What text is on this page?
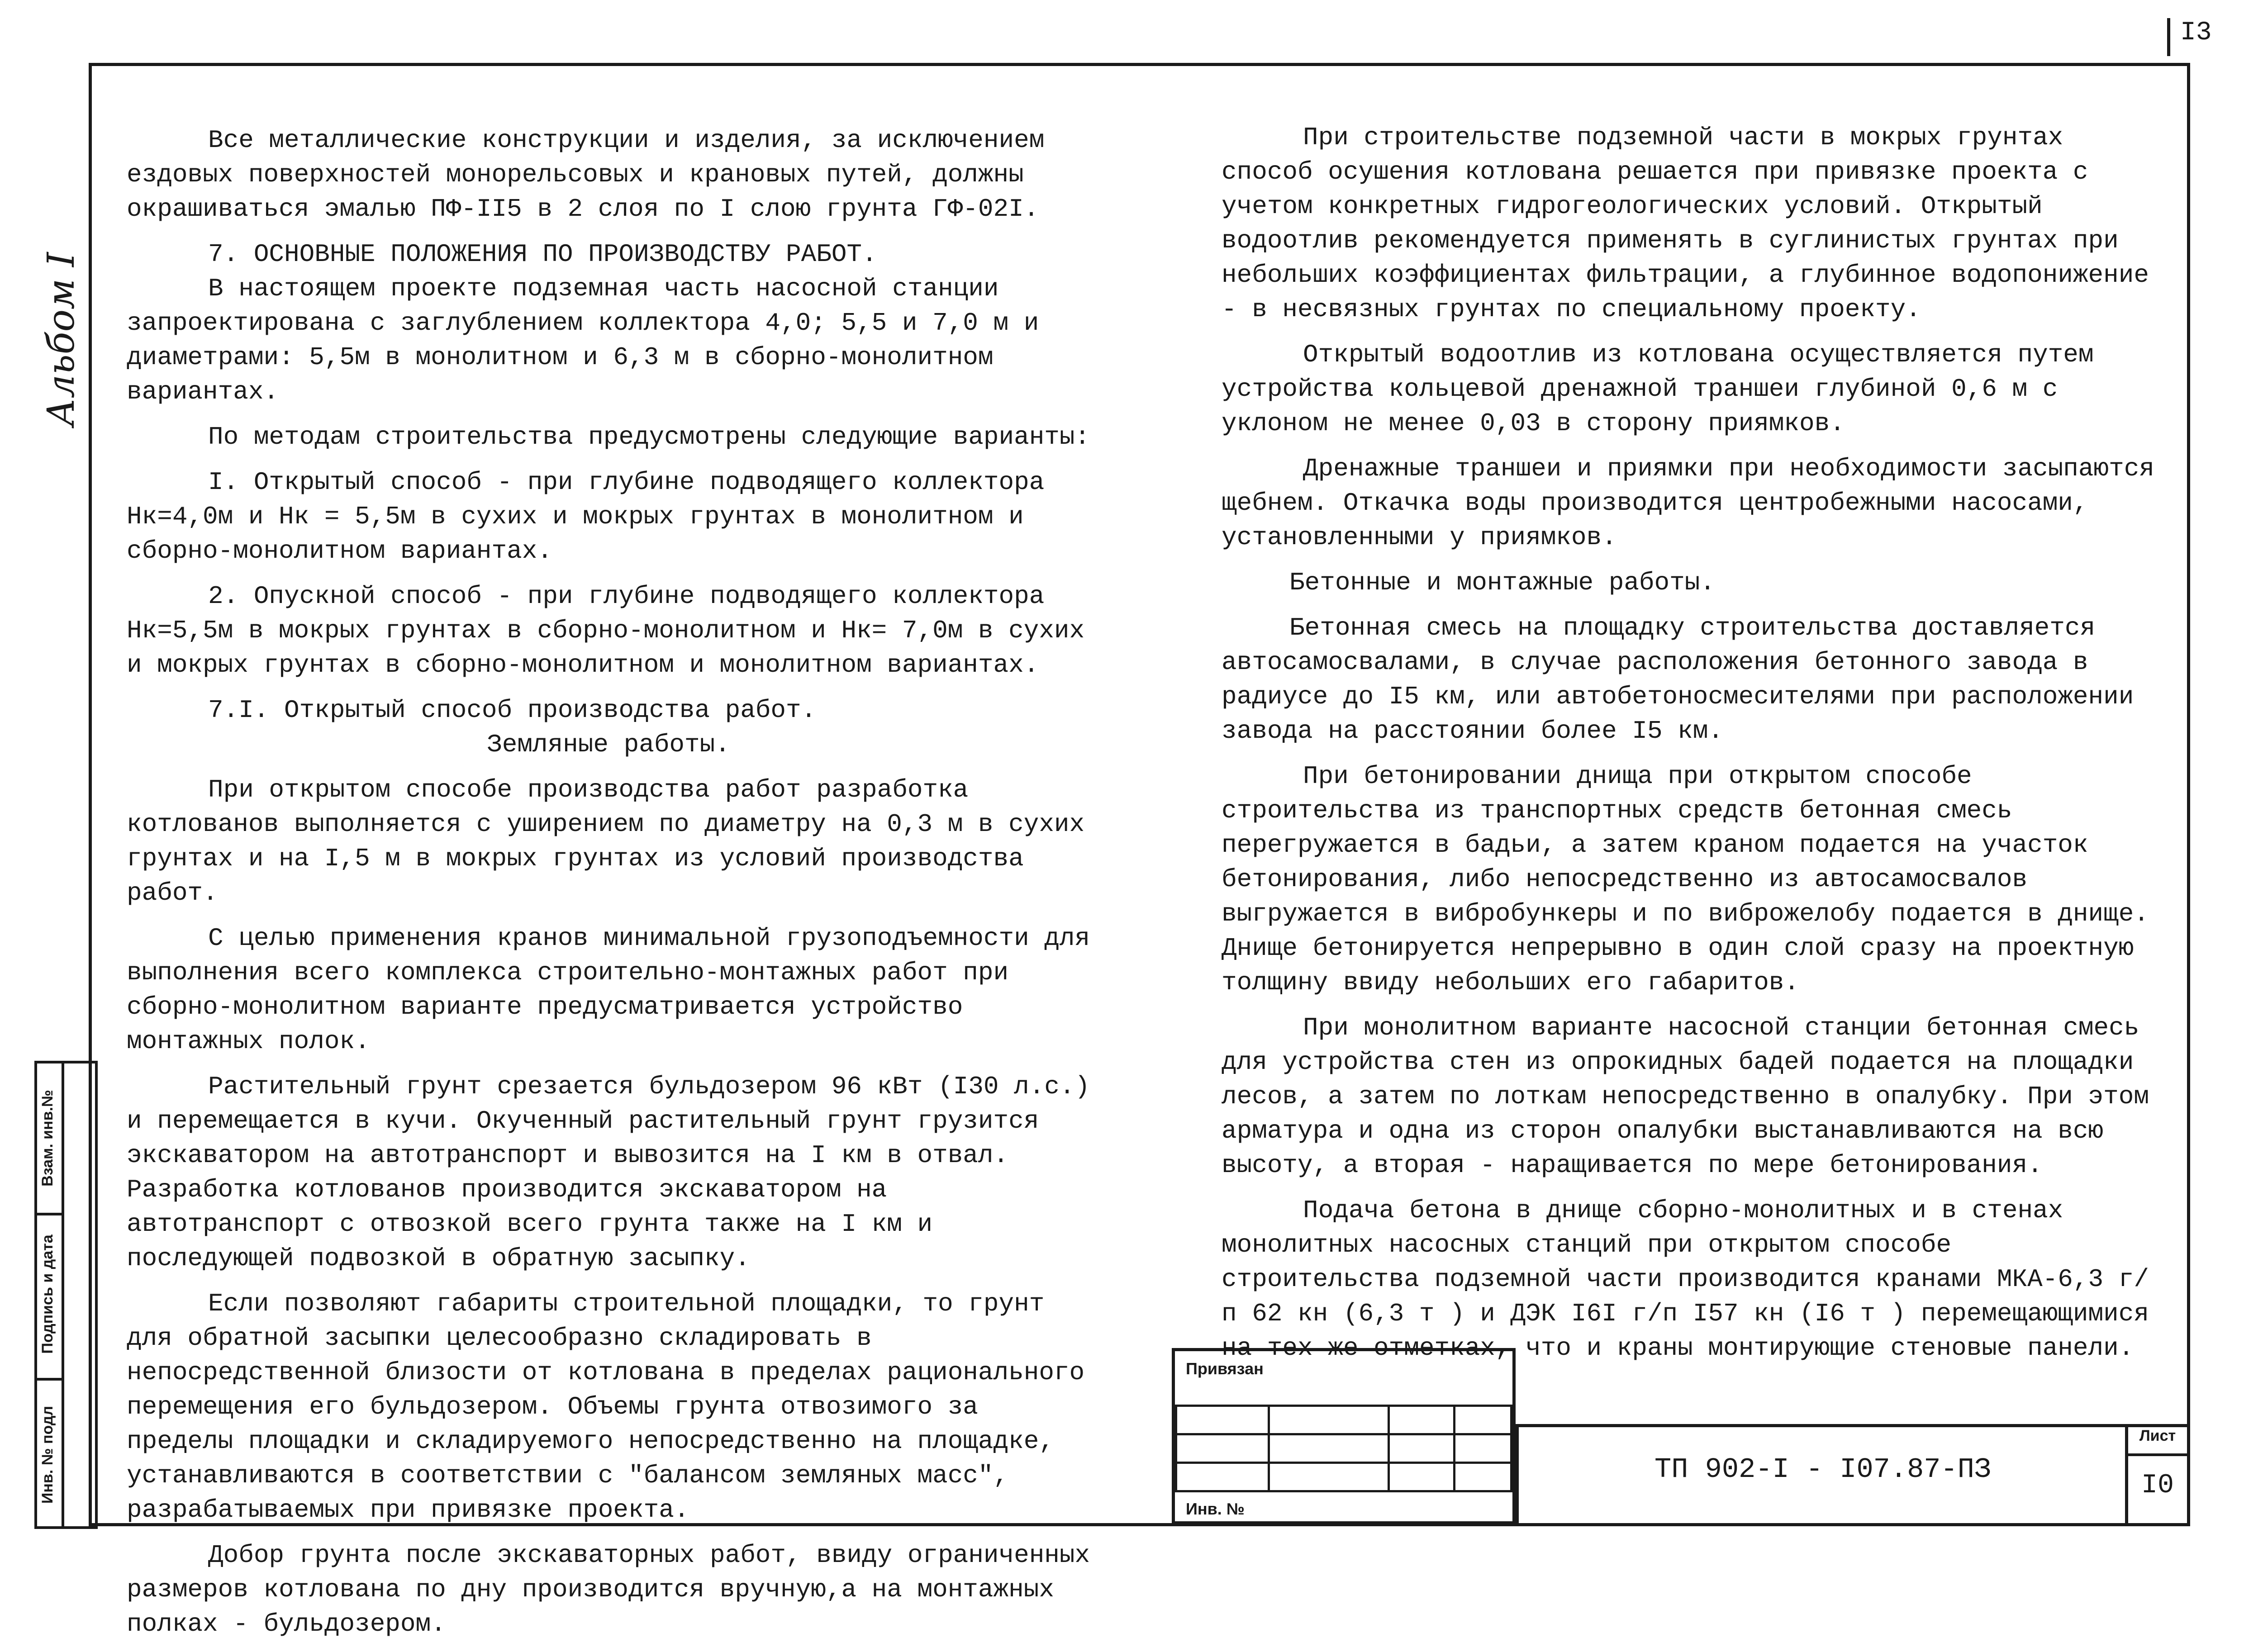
I3
Альбом I
Инв. № подл
Подпись и дата
Взам. инв.№

Все металлические конструкции и изделия, за исключением ездовых поверхностей монорельсовых и крановых путей, должны окрашиваться эмалью ПФ-II5 в 2 слоя по I слою грунта ГФ-02I.

7. ОСНОВНЫЕ ПОЛОЖЕНИЯ ПО ПРОИЗВОДСТВУ РАБОТ.

В настоящем проекте подземная часть насосной станции запроектирована с заглублением коллектора 4,0; 5,5 и 7,0 м и диаметрами: 5,5м в монолитном и 6,3 м в сборно-монолитном вариантах.

По методам строительства предусмотрены следующие варианты:

I. Открытый способ - при глубине подводящего коллектора Нк=4,0м и Нк = 5,5м в сухих и мокрых грунтах в монолитном и сборно-монолитном вариантах.

2. Опускной способ - при глубине подводящего коллектора Нк=5,5м в мокрых грунтах в сборно-монолитном и Нк= 7,0м в сухих и мокрых грунтах в сборно-монолитном и монолитном вариантах.

7.I. Открытый способ производства работ.

Земляные работы.

При открытом способе производства работ разработка котлованов выполняется с уширением по диаметру на 0,3 м в сухих грунтах и на I,5 м в мокрых грунтах из условий производства работ.

С целью применения кранов минимальной грузоподъемности для выполнения всего комплекса строительно-монтажных работ при сборно-монолитном варианте предусматривается устройство монтажных полок.

Растительный грунт срезается бульдозером 96 кВт (I30 л.с.) и перемещается в кучи. Окученный растительный грунт грузится экскаватором на автотранспорт и вывозится на I км в отвал. Разработка котлованов производится экскаватором на автотранспорт с отвозкой всего грунта также на I км и последующей подвозкой в обратную засыпку.

Если позволяют габариты строительной площадки, то грунт для обратной засыпки целесообразно складировать в непосредственной близости от котлована в пределах рационального перемещения его бульдозером. Объемы грунта отвозимого за пределы площадки и складируемого непосредственно на площадке, устанавливаются в соответствии с "балансом земляных масс", разрабатываемых при привязке проекта.

Добор грунта после экскаваторных работ, ввиду ограниченных размеров котлована по дну производится вручную,а на монтажных полках - бульдозером.

При строительстве подземной части в мокрых грунтах способ осушения котлована решается при привязке проекта с учетом конкретных гидрогеологических условий. Открытый водоотлив рекомендуется применять в суглинистых грунтах при небольших коэффициентах фильтрации, а глубинное водопонижение - в несвязных грунтах по специальному проекту.

Открытый водоотлив из котлована осуществляется путем устройства кольцевой дренажной траншеи глубиной 0,6 м с уклоном не менее 0,03 в сторону приямков.

Дренажные траншеи и приямки при необходимости засыпаются щебнем. Откачка воды производится центробежными насосами, установленными у приямков.

Бетонные и монтажные работы.

Бетонная смесь на площадку строительства доставляется автосамосвалами, в случае расположения бетонного завода в радиусе до I5 км, или автобетоносмесителями при расположении завода на расстоянии более I5 км.

При бетонировании днища при открытом способе строительства из транспортных средств бетонная смесь перегружается в бадьи, а затем краном подается на участок бетонирования, либо непосредственно из автосамосвалов выгружается в вибробункеры и по виброжелобу подается в днище. Днище бетонируется непрерывно в один слой сразу на проектную толщину ввиду небольших его габаритов.

При монолитном варианте насосной станции бетонная смесь для устройства стен из опрокидных бадей подается на площадки лесов, а затем по лоткам непосредственно в опалубку. При этом арматура и одна из сторон опалубки выстанавливаются на всю высоту, а вторая - наращивается по мере бетонирования.

Подача бетона в днище сборно-монолитных и в стенах монолитных насосных станций при открытом способе строительства подземной части производится кранами МКА-6,3 г/п 62 кн (6,3 т ) и ДЭК I6I г/п I57 кн (I6 т ) перемещающимися на тех же отметках, что и краны монтирующие стеновые панели.

Привязан

Инв. №
ТП 902-I - I07.87-ПЗ
Лист
I0
